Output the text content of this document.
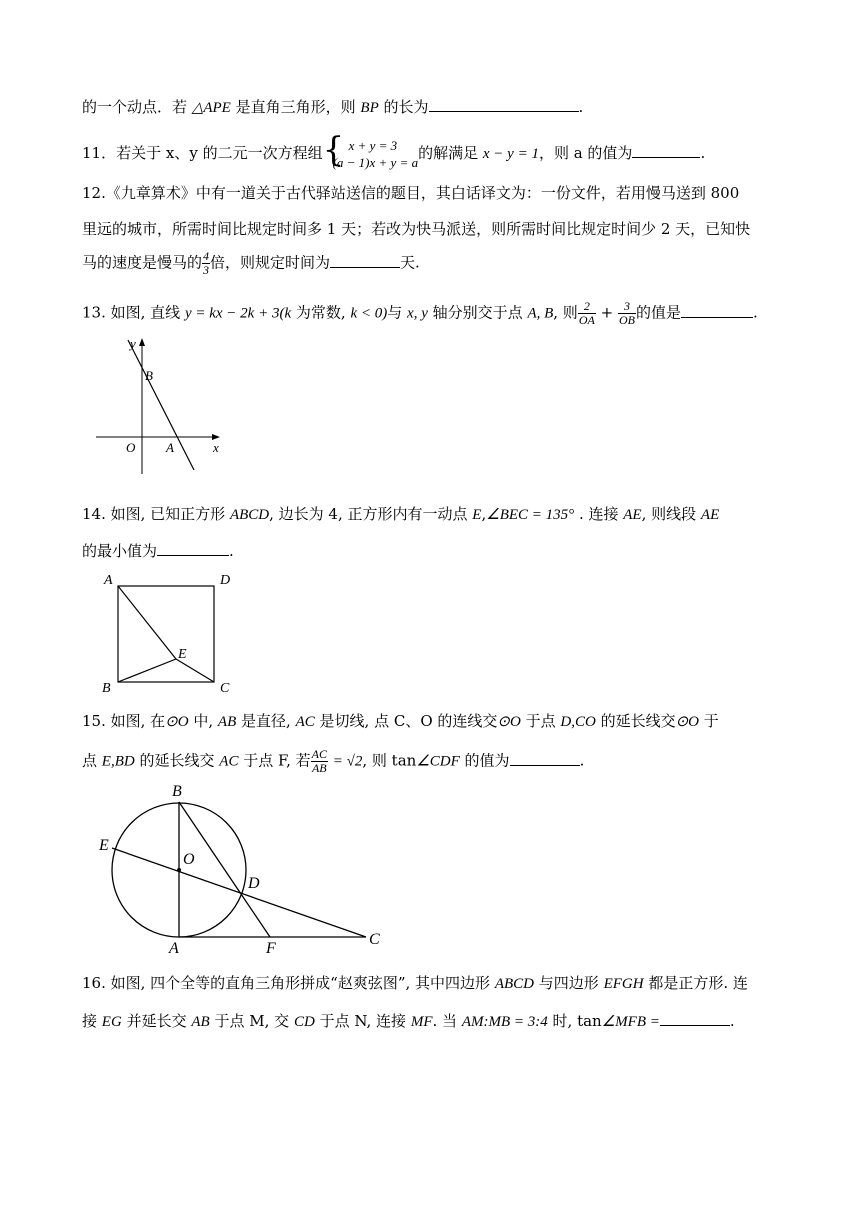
的一个动点．若 △APE 是直角三角形，则 BP 的长为	.
11．若关于 x、y 的二元一次方程组 { x + y = 3
(a − 1)x + y = a
的解满足 x − y = 1，则 a 的值为	.
12.《九章算术》中有一道关于古代驿站送信的题目，其白话译文为：一份文件，若用慢马送到 800
里远的城市，所需时间比规定时间多 1 天；若改为快马派送，则所需时间比规定时间少 2 天，已知快
马的速度是慢马的 $\frac{4}{3}$ 倍，则规定时间为	天.
13. 如图, 直线 y = kx − 2k + 3(k 为常数, k < 0)与 x, y 轴分别交于点 A, B, 则 $\frac{2}{OA} + \frac{3}{OB}$ 的值是	.
y
B
O A	x
14. 如图, 已知正方形 ABCD, 边长为 4, 正方形内有一动点 E,∠BEC = 135° . 连接 AE, 则线段 AE
的最小值为	.
A	D
B	C
E
15. 如图, 在⊙O 中, AB 是直径, AC 是切线, 点 C、O 的连线交⊙O 于点 D,CO 的延长线交⊙O 于
点 E,BD 的延长线交 AC 于点 F, 若 $\frac{AC}{AB} = √2$, 则 tan∠CDF 的值为	.
B
E
O
D
A	F
C
16. 如图, 四个全等的直角三角形拼成“赵爽弦图”, 其中四边形 ABCD 与四边形 EFGH 都是正方形. 连
接 EG 并延长交 AB 于点 M, 交 CD 于点 N, 连接 MF. 当 AM:MB = 3:4 时, tan∠MFB =	.
